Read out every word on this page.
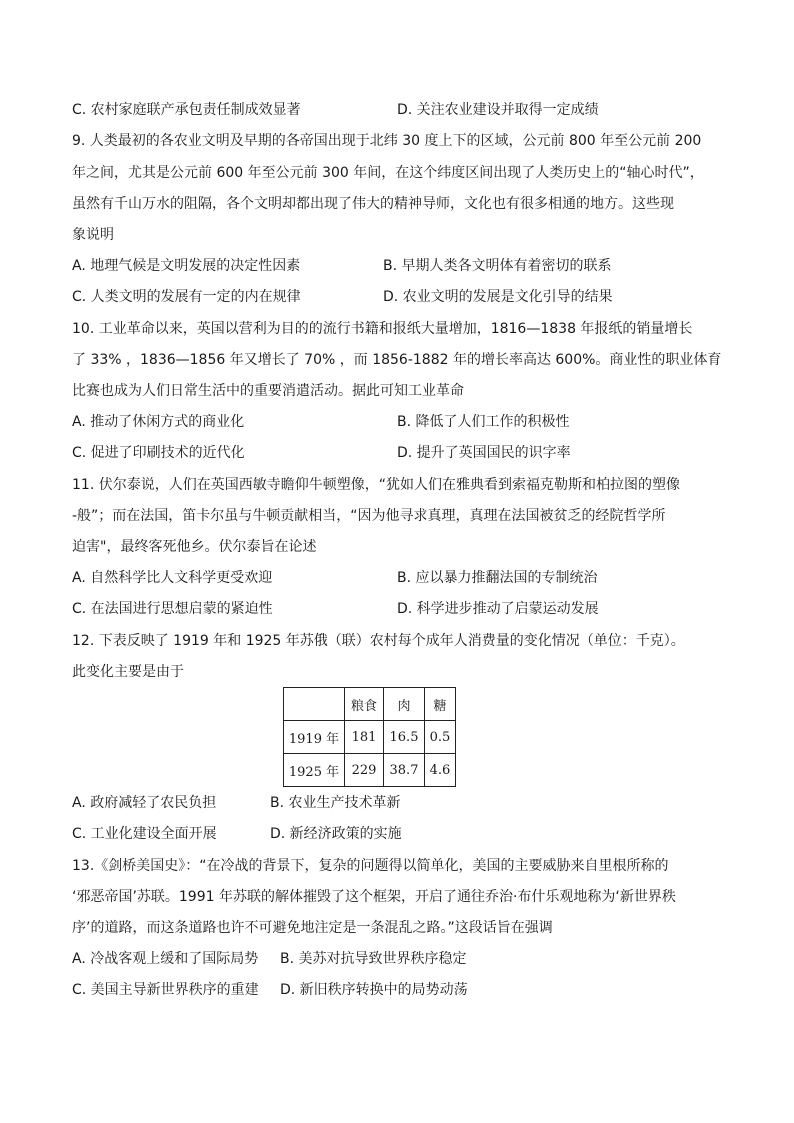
C. 农村家庭联产承包责任制成效显著	D. 关注农业建设并取得一定成绩
9. 人类最初的各农业文明及早期的各帝国出现于北纬 30 度上下的区域，公元前 800 年至公元前 200
年之间，尤其是公元前 600 年至公元前 300 年间，在这个纬度区间出现了人类历史上的“轴心时代”，
虽然有千山万水的阻隔，各个文明却都出现了伟大的精神导师，文化也有很多相通的地方。这些现
象说明
A. 地理气候是文明发展的决定性因素	B. 早期人类各文明体有着密切的联系
C. 人类文明的发展有一定的内在规律	D. 农业文明的发展是文化引导的结果
10. 工业革命以来，英国以营利为目的的流行书籍和报纸大量增加，1816—1838 年报纸的销量增长
了 33% ，1836—1856 年又增长了 70% ，而 1856-1882 年的增长率高达 600%。商业性的职业体育
比赛也成为人们日常生活中的重要消遣活动。据此可知工业革命
A. 推动了休闲方式的商业化	B. 降低了人们工作的积极性
C. 促进了印刷技术的近代化	D. 提升了英国国民的识字率
11. 伏尔泰说，人们在英国西敏寺瞻仰牛顿塑像，“犹如人们在雅典看到索福克勒斯和柏拉图的塑像
-般”；而在法国，笛卡尔虽与牛顿贡献相当，“因为他寻求真理，真理在法国被贫乏的经院哲学所
迫害"，最终客死他乡。伏尔泰旨在论述
A. 自然科学比人文科学更受欢迎	B. 应以暴力推翻法国的专制统治
C. 在法国进行思想启蒙的紧迫性	D. 科学进步推动了启蒙运动发展
12. 下表反映了 1919 年和 1925 年苏俄（联）农村每个成年人消费量的变化情况（单位：千克）。
此变化主要是由于
	粮食	肉	糖
1919 年	181	16.5	0.5
1925 年	229	38.7	4.6
A. 政府减轻了农民负担	B. 农业生产技术革新
C. 工业化建设全面开展	D. 新经济政策的实施
13.《剑桥美国史》：“在冷战的背景下，复杂的问题得以简单化，美国的主要威胁来自里根所称的
‘邪恶帝国’苏联。1991 年苏联的解体摧毁了这个框架，开启了通往乔治·布什乐观地称为‘新世界秩
序’的道路，而这条道路也许不可避免地注定是一条混乱之路。”这段话旨在强调
A. 冷战客观上缓和了国际局势 B. 美苏对抗导致世界秩序稳定
C. 美国主导新世界秩序的重建 D. 新旧秩序转换中的局势动荡
